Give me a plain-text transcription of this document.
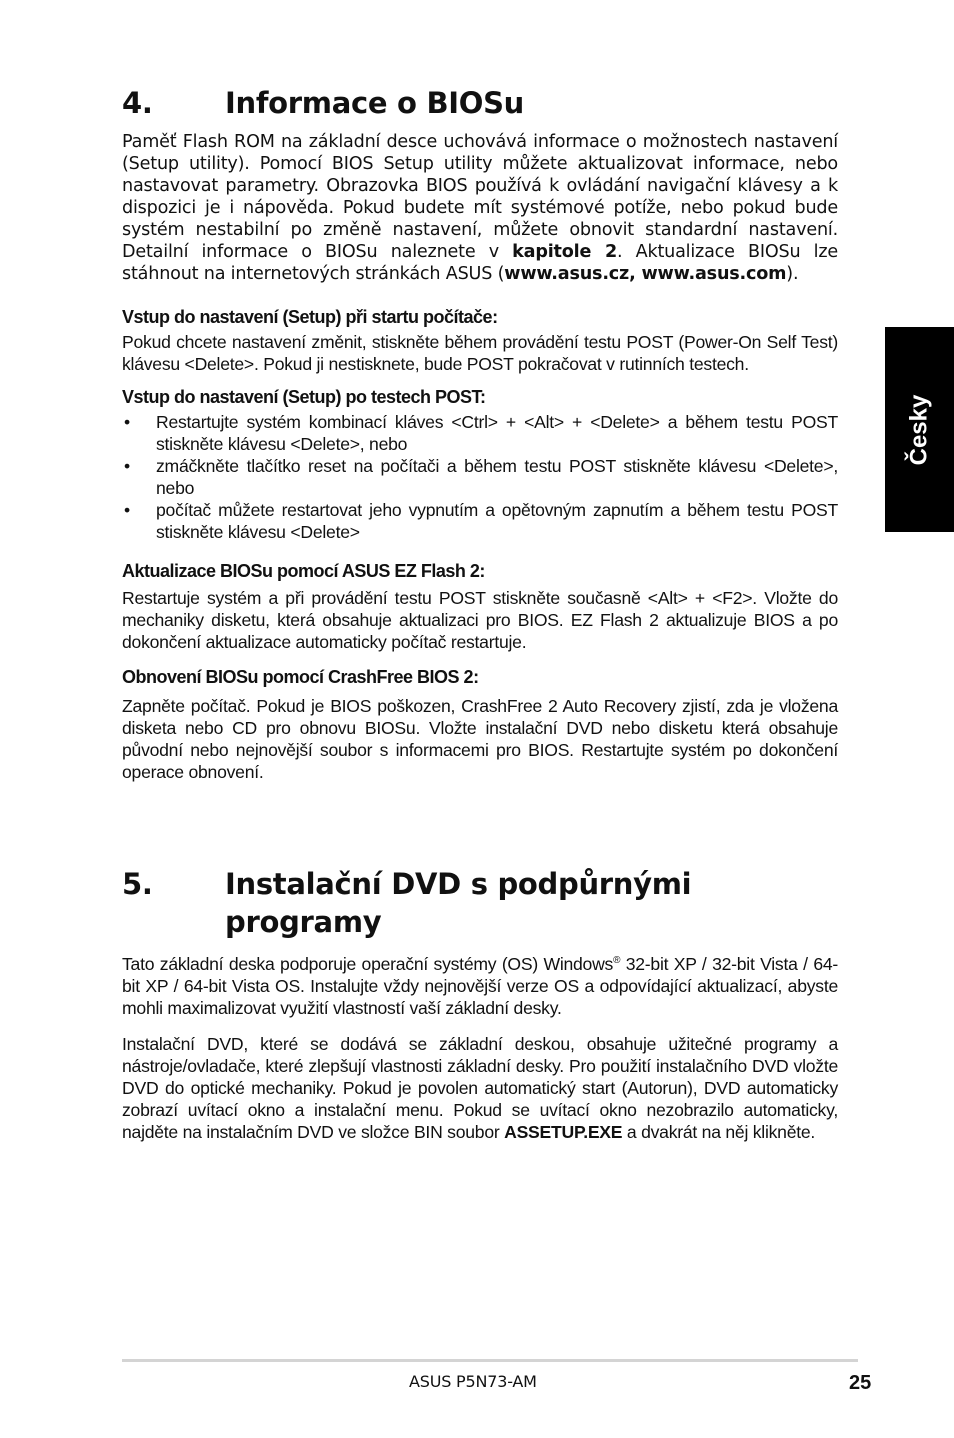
Česky
4.	Informace o BIOSu

Paměť Flash ROM na základní desce uchovává informace o možnostech nastavení (Setup utility). Pomocí BIOS Setup utility můžete aktualizovat informace, nebo nastavovat parametry. Obrazovka BIOS používá k ovládání navigační klávesy a k dispozici je i nápověda. Pokud budete mít systémové potíže, nebo pokud bude systém nestabilní po změně nastavení, můžete obnovit standardní nastavení. Detailní informace o BIOSu naleznete v kapitole 2. Aktualizace BIOSu lze stáhnout na internetových stránkách ASUS (www.asus.cz, www.asus.com).

Vstup do nastavení (Setup) při startu počítače:

Pokud chcete nastavení změnit, stiskněte během provádění testu POST (Power-On Self Test) klávesu <Delete>. Pokud ji nestisknete, bude POST pokračovat v rutinních testech.

Vstup do nastavení (Setup) po testech POST:
• Restartujte systém kombinací kláves <Ctrl> + <Alt> + <Delete> a během testu POST stiskněte klávesu <Delete>, nebo
• zmáčkněte tlačítko reset na počítači a během testu POST stiskněte klávesu <Delete>, nebo
• počítač můžete restartovat jeho vypnutím a opětovným zapnutím a během testu POST stiskněte klávesu <Delete>
Aktualizace BIOSu pomocí ASUS EZ Flash 2:

Restartuje systém a při provádění testu POST stiskněte současně <Alt> + <F2>. Vložte do mechaniky disketu, která obsahuje aktualizaci pro BIOS. EZ Flash 2 aktualizuje BIOS a po dokončení aktualizace automaticky počítač restartuje.

Obnovení BIOSu pomocí CrashFree BIOS 2:

Zapněte počítač. Pokud je BIOS poškozen, CrashFree 2 Auto Recovery zjistí, zda je vložena disketa nebo CD pro obnovu BIOSu. Vložte instalační DVD nebo disketu která obsahuje původní nebo nejnovější soubor s informacemi pro BIOS. Restartujte systém po dokončení operace obnovení.

5.	Instalační DVD s podpůrnými programy

Tato základní deska podporuje operační systémy (OS) Windows® 32-bit XP / 32-bit Vista / 64-bit XP / 64-bit Vista OS. Instalujte vždy nejnovější verze OS a odpovídající aktualizací, abyste mohli maximalizovat využití vlastností vaší základní desky.

Instalační DVD, které se dodává se základní deskou, obsahuje užitečné programy a nástroje/ovladače, které zlepšují vlastnosti základní desky. Pro použití instalačního DVD vložte DVD do optické mechaniky. Pokud je povolen automatický start (Autorun), DVD automaticky zobrazí uvítací okno a instalační menu. Pokud se uvítací okno nezobrazilo automaticky, najděte na instalačním DVD ve složce BIN soubor ASSETUP.EXE a dvakrát na něj klikněte.

ASUS P5N73-AM	25
